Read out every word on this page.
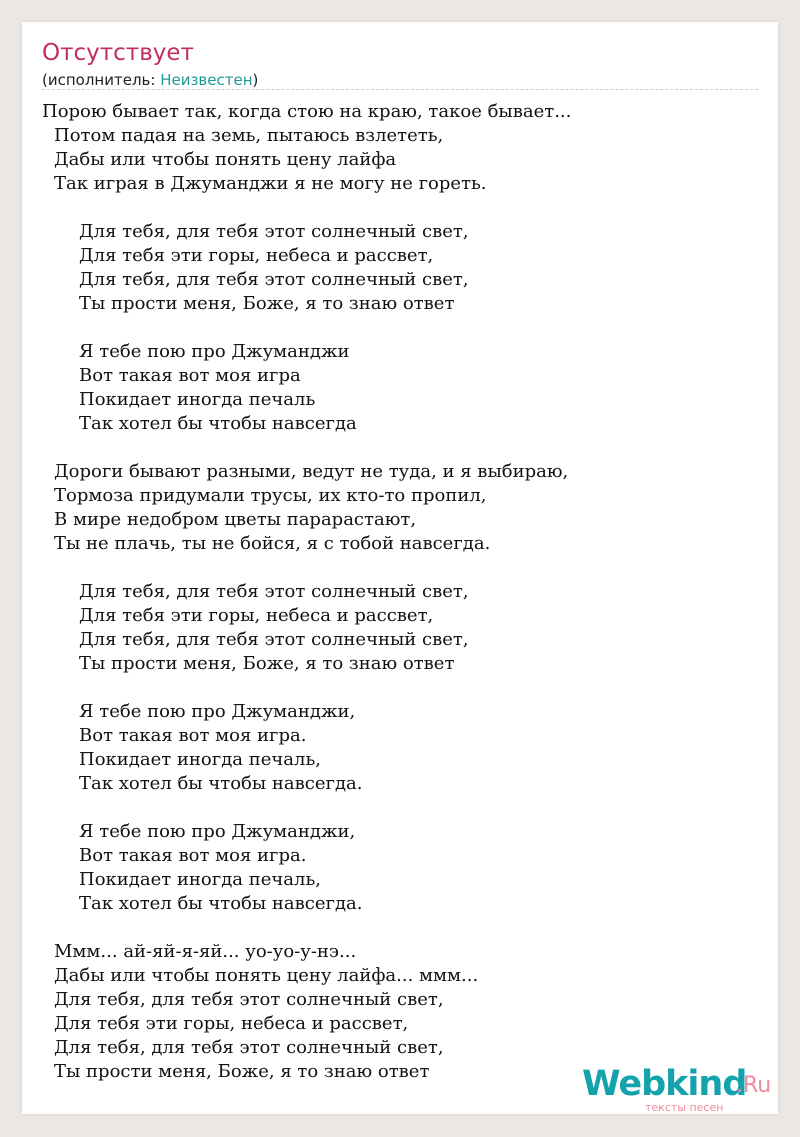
Отсутствует
(исполнитель: Неизвестен)
Порою бывает так, когда стою на краю, такое бывает...
Потом падая на земь, пытаюсь взлететь,
Дабы или чтобы понять цену лайфа
Так играя в Джуманджи я не могу не гореть.
Для тебя, для тебя этот солнечный свет,
Для тебя эти горы, небеса и рассвет,
Для тебя, для тебя этот солнечный свет,
Ты прости меня, Боже, я то знаю ответ
Я тебе пою про Джуманджи
Вот такая вот моя игра
Покидает иногда печаль
Так хотел бы чтобы навсегда
Дороги бывают разными, ведут не туда, и я выбираю,
Тормоза придумали трусы, их кто-то пропил,
В мире недобром цветы парарастают,
Ты не плачь, ты не бойся, я с тобой навсегда.
Для тебя, для тебя этот солнечный свет,
Для тебя эти горы, небеса и рассвет,
Для тебя, для тебя этот солнечный свет,
Ты прости меня, Боже, я то знаю ответ
Я тебе пою про Джуманджи,
Вот такая вот моя игра.
Покидает иногда печаль,
Так хотел бы чтобы навсегда.
Я тебе пою про Джуманджи,
Вот такая вот моя игра.
Покидает иногда печаль,
Так хотел бы чтобы навсегда.
Ммм... ай-яй-я-яй... уо-уо-у-нэ...
Дабы или чтобы понять цену лайфа... ммм...
Для тебя, для тебя этот солнечный свет,
Для тебя эти горы, небеса и рассвет,
Для тебя, для тебя этот солнечный свет,
Ты прости меня, Боже, я то знаю ответ	Webkind
.Ru
тексты песен
